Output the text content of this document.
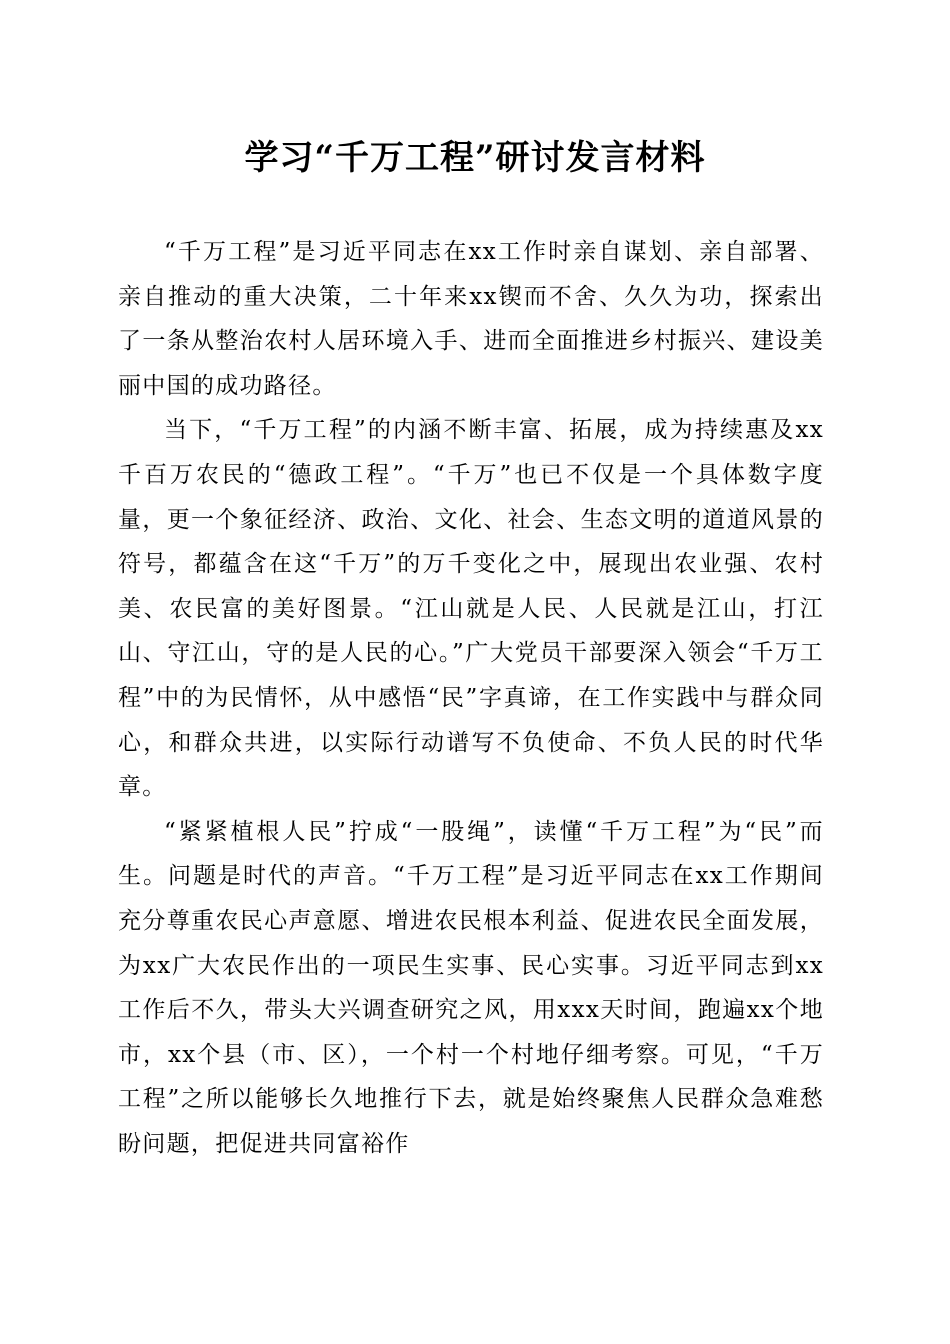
学习“千万工程”研讨发言材料

“千万工程”是习近平同志在xx工作时亲自谋划、亲自部署、亲自推动的重大决策，二十年来xx锲而不舍、久久为功，探索出了一条从整治农村人居环境入手、进而全面推进乡村振兴、建设美丽中国的成功路径。

当下，“千万工程”的内涵不断丰富、拓展，成为持续惠及xx千百万农民的“德政工程”。“千万”也已不仅是一个具体数字度量，更一个象征经济、政治、文化、社会、生态文明的道道风景的符号，都蕴含在这“千万”的万千变化之中，展现出农业强、农村美、农民富的美好图景。“江山就是人民、人民就是江山，打江山、守江山，守的是人民的心。”广大党员干部要深入领会“千万工程”中的为民情怀，从中感悟“民”字真谛，在工作实践中与群众同心，和群众共进，以实际行动谱写不负使命、不负人民的时代华章。

“紧紧植根人民”拧成“一股绳”，读懂“千万工程”为“民”而生。问题是时代的声音。“千万工程”是习近平同志在xx工作期间充分尊重农民心声意愿、增进农民根本利益、促进农民全面发展，为xx广大农民作出的一项民生实事、民心实事。习近平同志到xx工作后不久，带头大兴调查研究之风，用xxx天时间，跑遍xx个地市，xx个县（市、区），一个村一个村地仔细考察。可见，“千万工程”之所以能够长久地推行下去，就是始终聚焦人民群众急难愁盼问题，把促进共同富裕作
